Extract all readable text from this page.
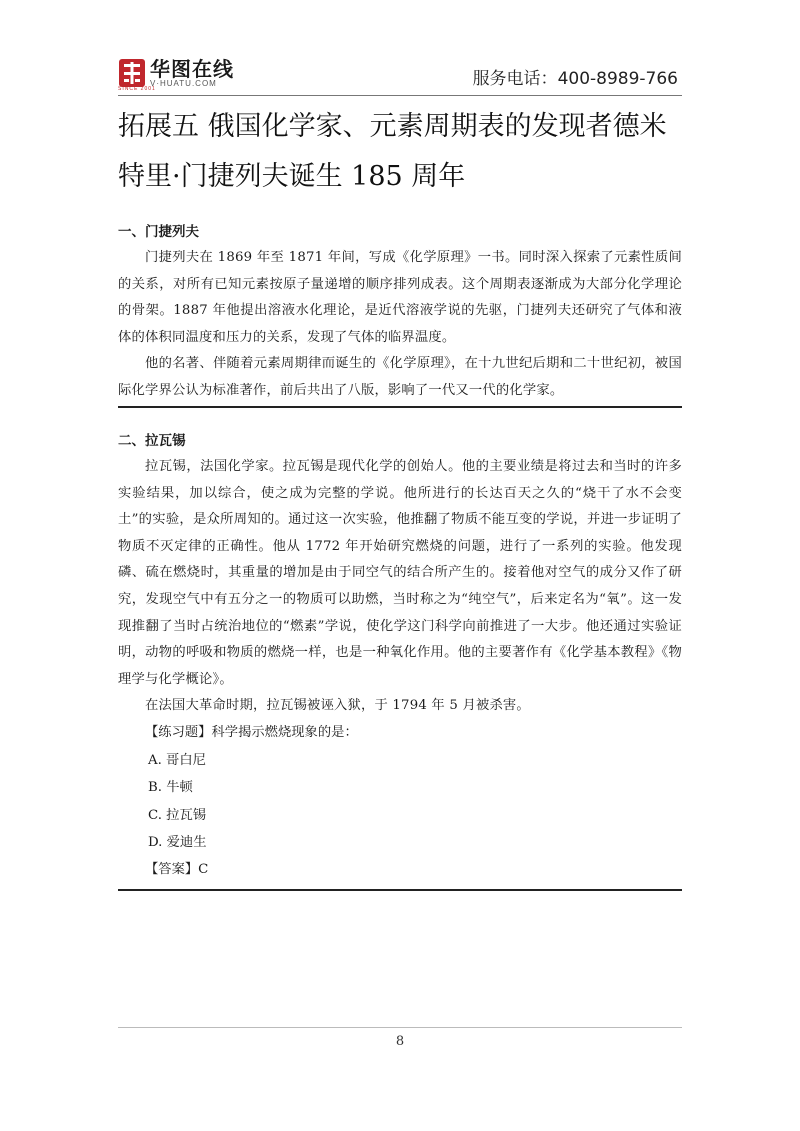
华图在线
V·HUATU.COM
SINCE 2001	服务电话：400-8989-766
拓展五 俄国化学家、元素周期表的发现者德米
特里·门捷列夫诞生 185 周年

一、门捷列夫

门捷列夫在 1869 年至 1871 年间，写成《化学原理》一书。同时深入探索了元素性质间的关系，对所有已知元素按原子量递增的顺序排列成表。这个周期表逐渐成为大部分化学理论的骨架。1887 年他提出溶液水化理论，是近代溶液学说的先驱，门捷列夫还研究了气体和液体的体积同温度和压力的关系，发现了气体的临界温度。

他的名著、伴随着元素周期律而诞生的《化学原理》，在十九世纪后期和二十世纪初，被国际化学界公认为标准著作，前后共出了八版，影响了一代又一代的化学家。

二、拉瓦锡

拉瓦锡，法国化学家。拉瓦锡是现代化学的创始人。他的主要业绩是将过去和当时的许多实验结果，加以综合，使之成为完整的学说。他所进行的长达百天之久的“烧干了水不会变土”的实验，是众所周知的。通过这一次实验，他推翻了物质不能互变的学说，并进一步证明了物质不灭定律的正确性。他从 1772 年开始研究燃烧的问题，进行了一系列的实验。他发现磷、硫在燃烧时，其重量的增加是由于同空气的结合所产生的。接着他对空气的成分又作了研究，发现空气中有五分之一的物质可以助燃，当时称之为“纯空气”，后来定名为“氧”。这一发现推翻了当时占统治地位的“燃素”学说，使化学这门科学向前推进了一大步。他还通过实验证明，动物的呼吸和物质的燃烧一样，也是一种氧化作用。他的主要著作有《化学基本教程》《物理学与化学概论》。

在法国大革命时期，拉瓦锡被诬入狱，于 1794 年 5 月被杀害。

【练习题】科学揭示燃烧现象的是：

A. 哥白尼

B. 牛顿

C. 拉瓦锡

D. 爱迪生

【答案】C

8
